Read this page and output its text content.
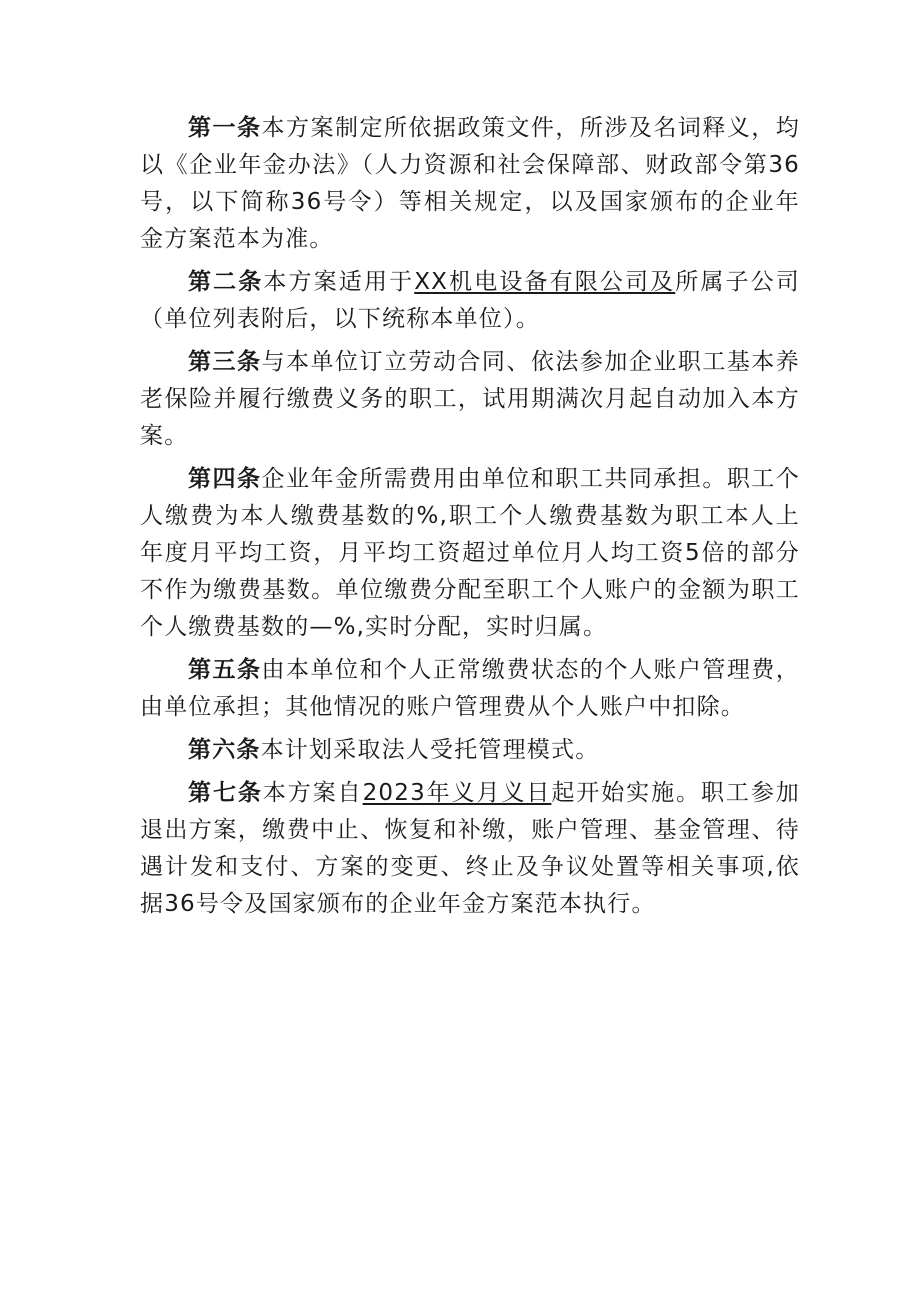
第一条本方案制定所依据政策文件，所涉及名词释义，均以《企业年金办法》（人力资源和社会保障部、财政部令第36号，以下简称36号令）等相关规定，以及国家颁布的企业年金方案范本为准。

第二条本方案适用于XX机电设备有限公司及所属子公司（单位列表附后，以下统称本单位）。

第三条与本单位订立劳动合同、依法参加企业职工基本养老保险并履行缴费义务的职工，试用期满次月起自动加入本方案。

第四条企业年金所需费用由单位和职工共同承担。职工个人缴费为本人缴费基数的%,职工个人缴费基数为职工本人上年度月平均工资，月平均工资超过单位月人均工资5倍的部分不作为缴费基数。单位缴费分配至职工个人账户的金额为职工个人缴费基数的—%,实时分配，实时归属。

第五条由本单位和个人正常缴费状态的个人账户管理费，由单位承担；其他情况的账户管理费从个人账户中扣除。

第六条本计划采取法人受托管理模式。

第七条本方案自2023年义月义日起开始实施。职工参加退出方案，缴费中止、恢复和补缴，账户管理、基金管理、待遇计发和支付、方案的变更、终止及争议处置等相关事项,依据36号令及国家颁布的企业年金方案范本执行。
